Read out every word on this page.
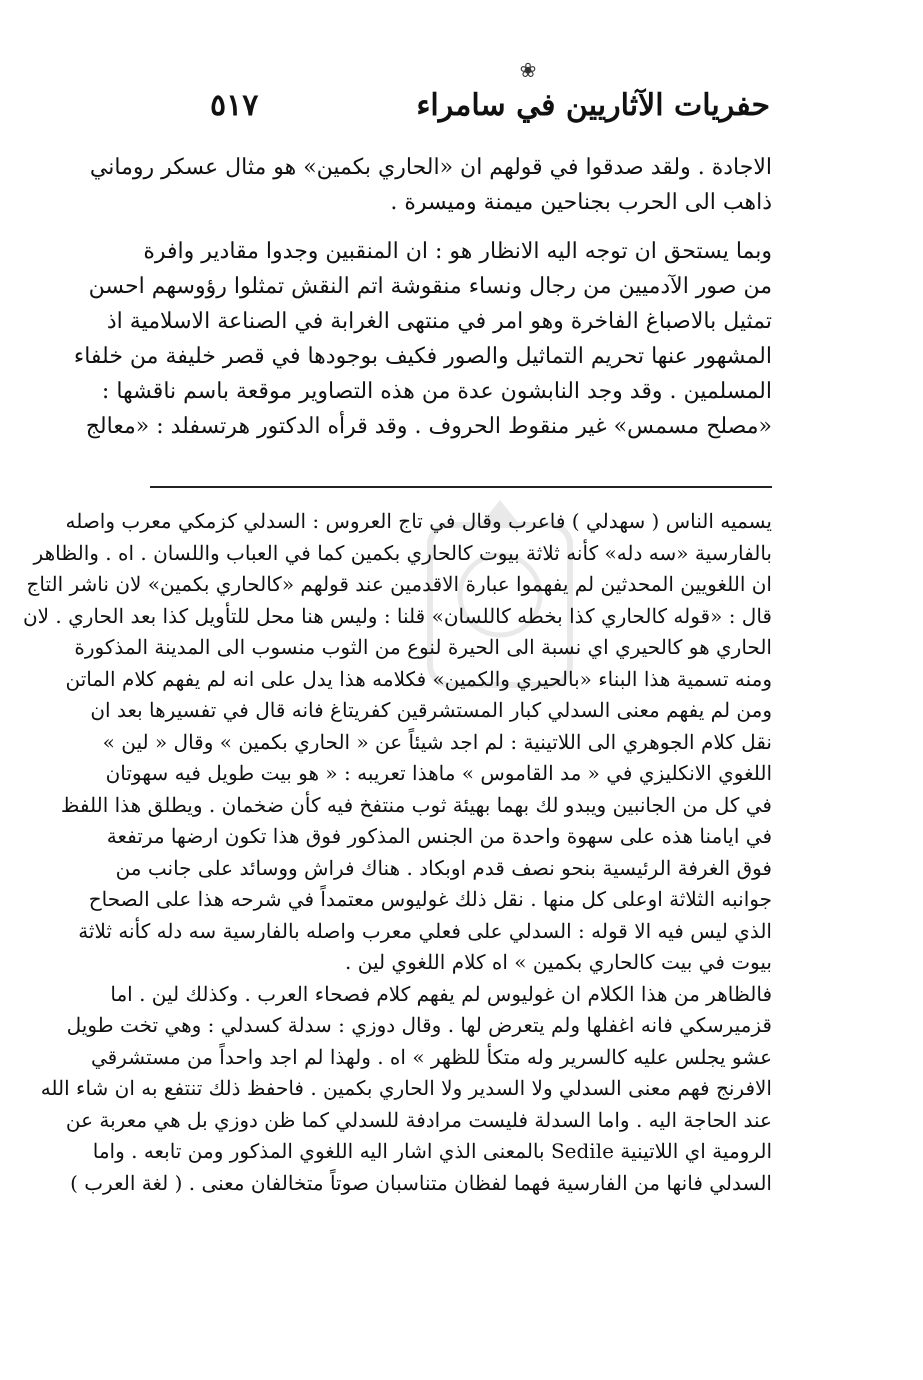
❀
٥١٧	حفريات الآثاريين في سامراء
الاجادة . ولقد صدقوا في قولهم ان «الحاري بكمين» هو مثال عسكر روماني
ذاهب الى الحرب بجناحين ميمنة وميسرة .
وبما يستحق ان توجه اليه الانظار هو : ان المنقبين وجدوا مقادير وافرة
من صور الآدميين من رجال ونساء منقوشة اتم النقش تمثلوا رؤوسهم احسن
تمثيل بالاصباغ الفاخرة وهو امر في منتهى الغرابة في الصناعة الاسلامية اذ
المشهور عنها تحريم التماثيل والصور فكيف بوجودها في قصر خليفة من خلفاء
المسلمين . وقد وجد النابشون عدة من هذه التصاوير موقعة باسم ناقشها :
«مصلح مسمس» غير منقوط الحروف . وقد قرأه الدكتور هرتسفلد : «معالج
يسميه الناس ( سهدلي ) فاعرب وقال في تاج العروس : السدلي كزمكي معرب واصله
بالفارسية «سه دله» كأنه ثلاثة بيوت كالحاري بكمين كما في العباب واللسان . اه . والظاهر
ان اللغويين المحدثين لم يفهموا عبارة الاقدمين عند قولهم «كالحاري بكمين» لان ناشر التاج
قال : «قوله كالحاري كذا بخطه كاللسان» قلنا : وليس هنا محل للتأويل كذا بعد الحاري . لان
الحاري هو كالحيري اي نسبة الى الحيرة لنوع من الثوب منسوب الى المدينة المذكورة
ومنه تسمية هذا البناء «بالحيري والكمين» فكلامه هذا يدل على انه لم يفهم كلام الماتن
ومن لم يفهم معنى السدلي كبار المستشرقين كفريتاغ فانه قال في تفسيرها بعد ان
نقل كلام الجوهري الى اللاتينية : لم اجد شيئاً عن « الحاري بكمين » وقال « لين »
اللغوي الانكليزي في « مد القاموس » ماهذا تعريبه : « هو بيت طويل فيه سهوتان
في كل من الجانبين ويبدو لك بهما بهيئة ثوب منتفخ فيه كأن ضخمان . ويطلق هذا اللفظ
في ايامنا هذه على سهوة واحدة من الجنس المذكور فوق هذا تكون ارضها مرتفعة
فوق الغرفة الرئيسية بنحو نصف قدم اوبكاد . هناك فراش ووسائد على جانب من
جوانبه الثلاثة اوعلى كل منها . نقل ذلك غوليوس معتمداً في شرحه هذا على الصحاح
الذي ليس فيه الا قوله : السدلي على فعلي معرب واصله بالفارسية سه دله كأنه ثلاثة
بيوت في بيت كالحاري بكمين » اه كلام اللغوي لين .
فالظاهر من هذا الكلام ان غوليوس لم يفهم كلام فصحاء العرب . وكذلك لين . اما
قزميرسكي فانه اغفلها ولم يتعرض لها . وقال دوزي : سدلة كسدلي : وهي تخت طويل
عشو يجلس عليه كالسرير وله متكأ للظهر » اه . ولهذا لم اجد واحداً من مستشرقي
الافرنج فهم معنى السدلي ولا السدير ولا الحاري بكمين . فاحفظ ذلك تنتفع به ان شاء الله
عند الحاجة اليه . واما السدلة فليست مرادفة للسدلي كما ظن دوزي بل هي معربة عن
الرومية اي اللاتينية Sedile بالمعنى الذي اشار اليه اللغوي المذكور ومن تابعه . واما
السدلي فانها من الفارسية فهما لفظان متناسبان صوتاً متخالفان معنى . ( لغة العرب )
